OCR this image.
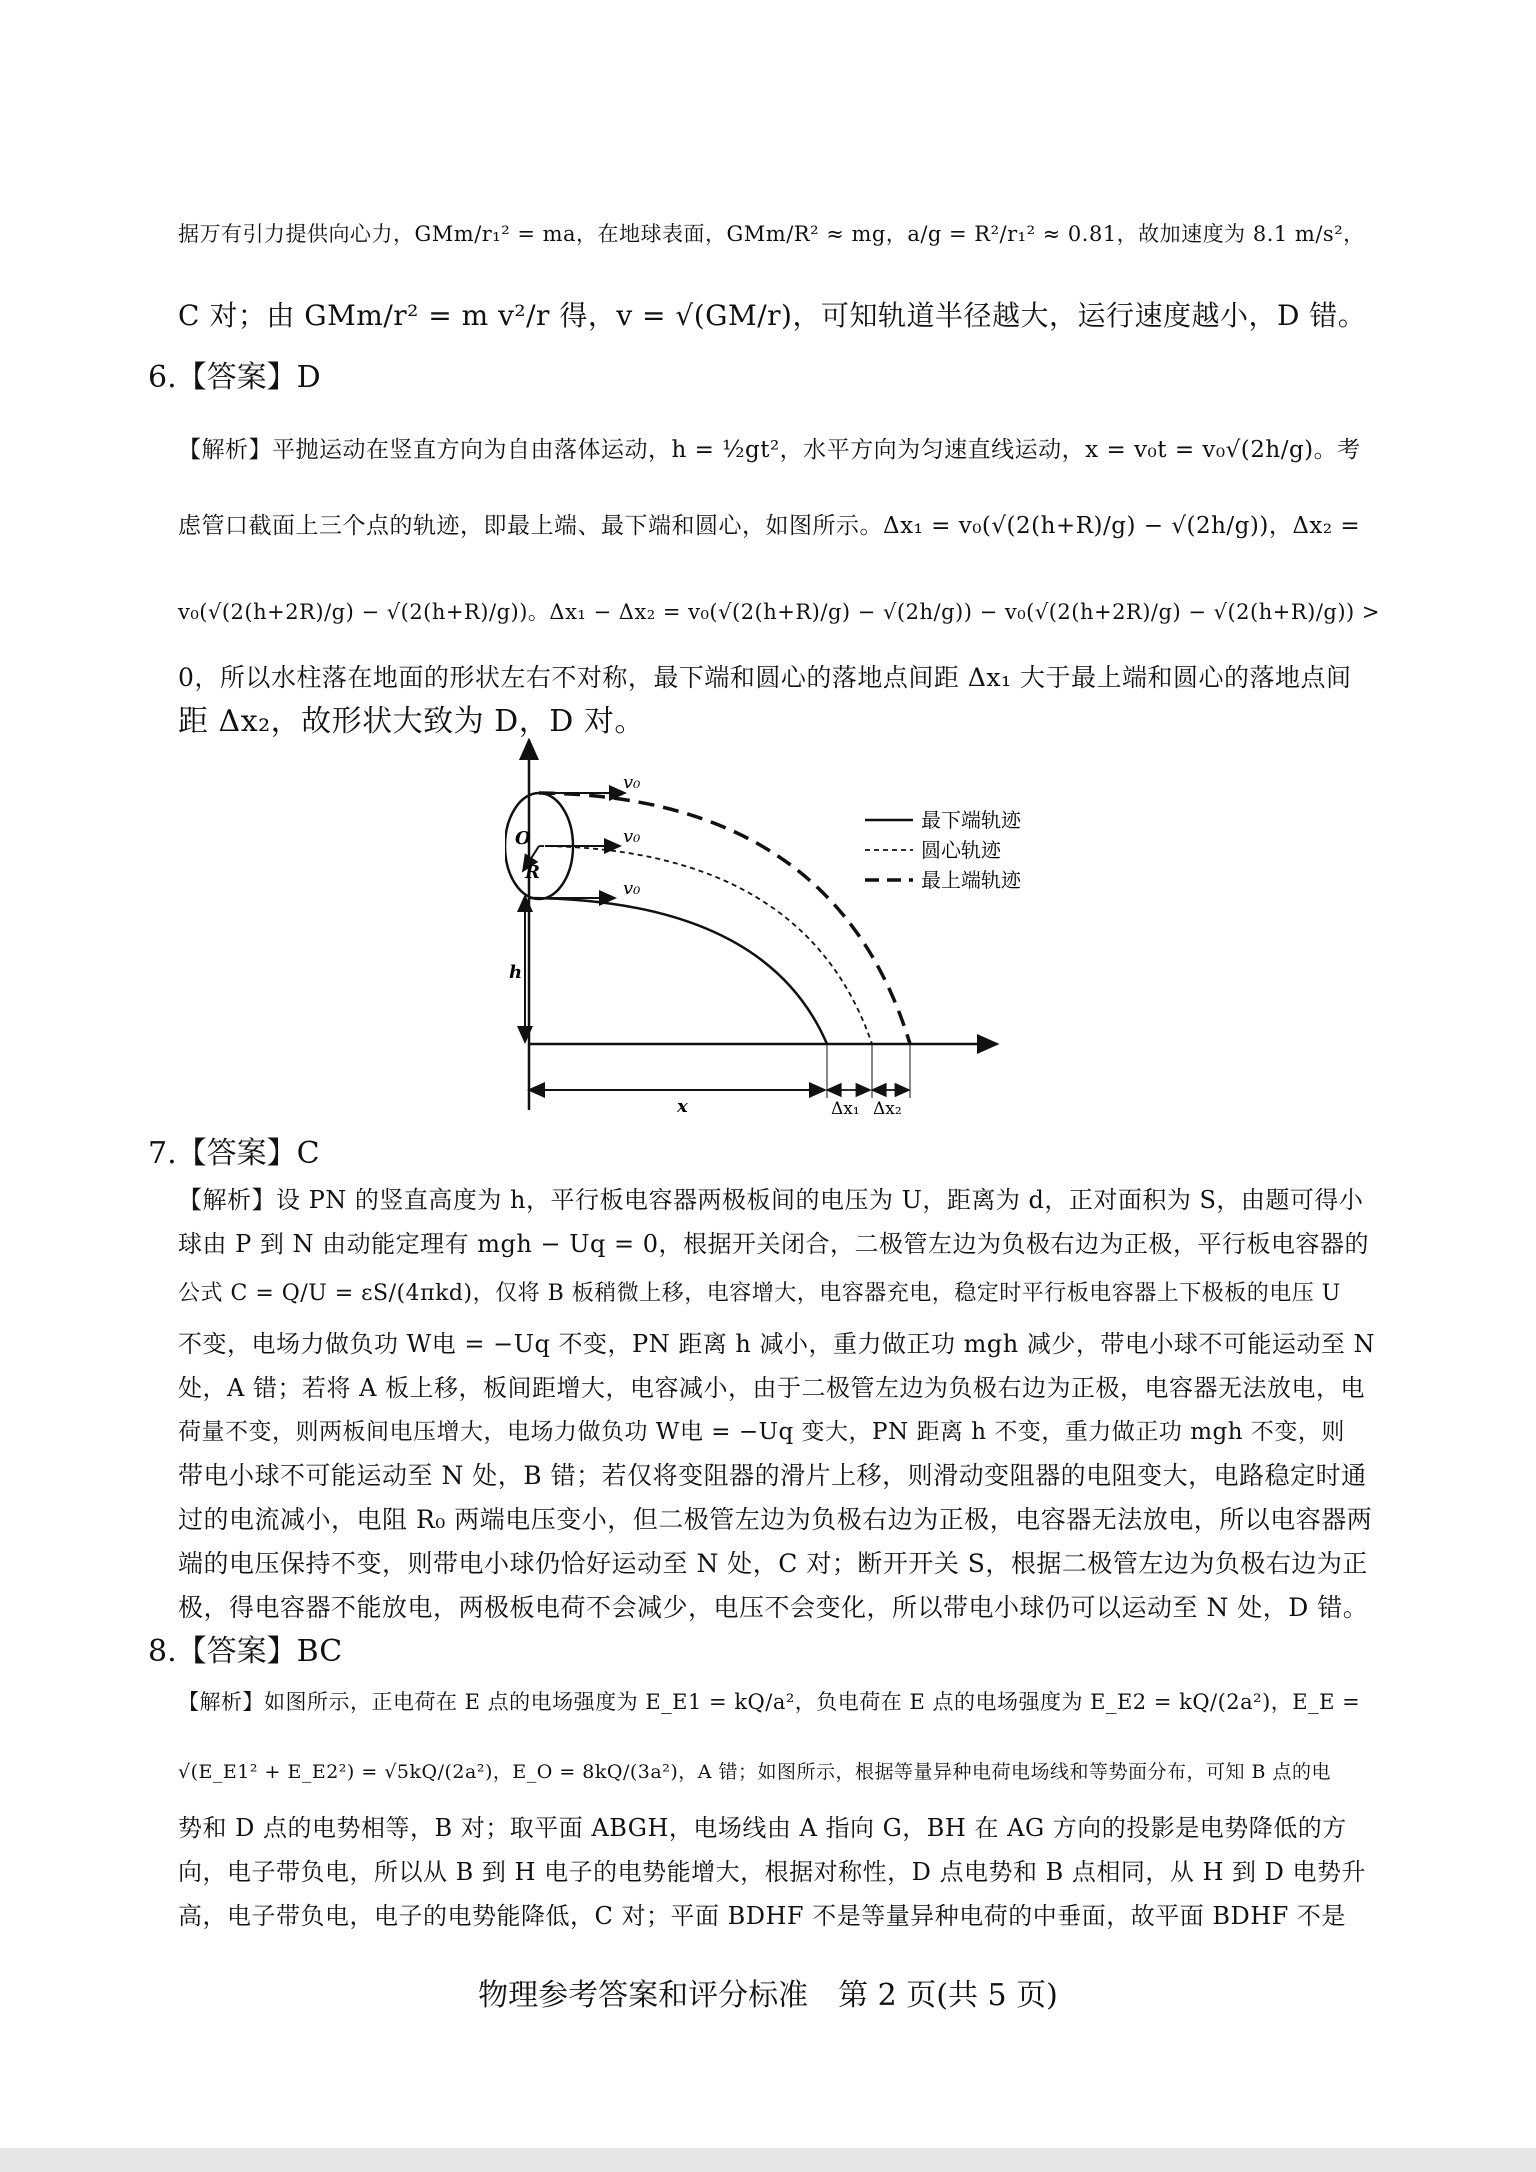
据万有引力提供向心力，GMm/r₁² = ma，在地球表面，GMm/R² ≈ mg，a/g = R²/r₁² ≈ 0.81，故加速度为 8.1 m/s²，
C 对；由 GMm/r² = m v²/r 得，v = √(GM/r)，可知轨道半径越大，运行速度越小，D 错。
6.【答案】D
【解析】平抛运动在竖直方向为自由落体运动，h = ½gt²，水平方向为匀速直线运动，x = v₀t = v₀√(2h/g)。考
虑管口截面上三个点的轨迹，即最上端、最下端和圆心，如图所示。Δx₁ = v₀(√(2(h+R)/g) − √(2h/g))，Δx₂ =
v₀(√(2(h+2R)/g) − √(2(h+R)/g))。Δx₁ − Δx₂ = v₀(√(2(h+R)/g) − √(2h/g)) − v₀(√(2(h+2R)/g) − √(2(h+R)/g)) >
0，所以水柱落在地面的形状左右不对称，最下端和圆心的落地点间距 Δx₁ 大于最上端和圆心的落地点间
距 Δx₂，故形状大致为 D，D 对。
v₀
v₀
v₀
O
R
h
x	Δx₁ Δx₂
最下端轨迹
圆心轨迹
最上端轨迹
7.【答案】C
【解析】设 PN 的竖直高度为 h，平行板电容器两极板间的电压为 U，距离为 d，正对面积为 S，由题可得小
球由 P 到 N 由动能定理有 mgh − Uq = 0，根据开关闭合，二极管左边为负极右边为正极，平行板电容器的
公式 C = Q/U = εS/(4πkd)，仅将 B 板稍微上移，电容增大，电容器充电，稳定时平行板电容器上下极板的电压 U
不变，电场力做负功 W电 = −Uq 不变，PN 距离 h 减小，重力做正功 mgh 减少，带电小球不可能运动至 N
处，A 错；若将 A 板上移，板间距增大，电容减小，由于二极管左边为负极右边为正极，电容器无法放电，电
荷量不变，则两板间电压增大，电场力做负功 W电 = −Uq 变大，PN 距离 h 不变，重力做正功 mgh 不变，则
带电小球不可能运动至 N 处，B 错；若仅将变阻器的滑片上移，则滑动变阻器的电阻变大，电路稳定时通
过的电流减小，电阻 R₀ 两端电压变小，但二极管左边为负极右边为正极，电容器无法放电，所以电容器两
端的电压保持不变，则带电小球仍恰好运动至 N 处，C 对；断开开关 S，根据二极管左边为负极右边为正
极，得电容器不能放电，两极板电荷不会减少，电压不会变化，所以带电小球仍可以运动至 N 处，D 错。
8.【答案】BC
【解析】如图所示，正电荷在 E 点的电场强度为 E_E1 = kQ/a²，负电荷在 E 点的电场强度为 E_E2 = kQ/(2a²)，E_E =
√(E_E1² + E_E2²) = √5kQ/(2a²)，E_O = 8kQ/(3a²)，A 错；如图所示，根据等量异种电荷电场线和等势面分布，可知 B 点的电
势和 D 点的电势相等，B 对；取平面 ABGH，电场线由 A 指向 G，BH 在 AG 方向的投影是电势降低的方
向，电子带负电，所以从 B 到 H 电子的电势能增大，根据对称性，D 点电势和 B 点相同，从 H 到 D 电势升
高，电子带负电，电子的电势能降低，C 对；平面 BDHF 不是等量异种电荷的中垂面，故平面 BDHF 不是
物理参考答案和评分标准　第 2 页(共 5 页)
